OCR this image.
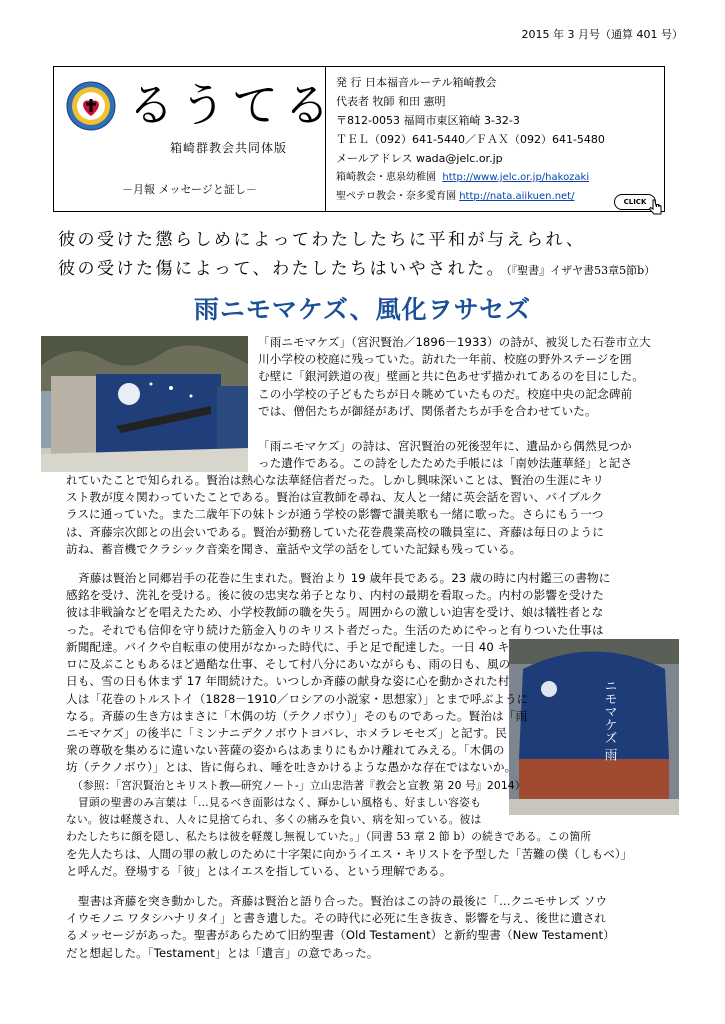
2015 年 3 月号（通算 401 号）
るうてる
箱崎群教会共同体版
－月報 メッセージと証し－
発 行 日本福音ルーテル箱崎教会
代表者 牧師 和田 憲明
〒812-0053 福岡市東区箱崎 3-32-3
ＴＥＬ（092）641-5440／ＦＡＸ（092）641-5480
メールアドレス wada@jelc.or.jp
箱崎教会・恵泉幼稚園 http://www.jelc.or.jp/hakozaki
聖ペテロ教会・奈多愛育園 http://nata.aiikuen.net/	CLICK
彼の受けた懲らしめによってわたしたちに平和が与えられ、
彼の受けた傷によって、わたしたちはいやされた。（『聖書』イザヤ書53章5節b）
雨ニモマケズ、風化ヲサセズ
ニモマケズ 雨
「雨ニモマケズ」（宮沢賢治／1896－1933）の詩が、被災した石巻市立大
川小学校の校庭に残っていた。訪れた一年前、校庭の野外ステージを囲
む壁に「銀河鉄道の夜」壁画と共に色あせず描かれてあるのを目にした。
この小学校の子どもたちが日々眺めていたものだ。校庭中央の記念碑前
では、僧侶たちが御経があげ、関係者たちが手を合わせていた。
「雨ニモマケズ」の詩は、宮沢賢治の死後翌年に、遺品から偶然見つか
った遺作である。この詩をしたためた手帳には「南妙法蓮華経」と記さ
れていたことで知られる。賢治は熱心な法華経信者だった。しかし興味深いことは、賢治の生涯にキリ
スト教が度々関わっていたことである。賢治は宣教師を尋ね、友人と一緒に英会話を習い、バイブルク
ラスに通っていた。また二歳年下の妹トシが通う学校の影響で讃美歌も一緒に歌った。さらにもう一つ
は、斉藤宗次郎との出会いである。賢治が勤務していた花巻農業高校の職員室に、斉藤は毎日のように
訪ね、蓄音機でクラシック音楽を聞き、童話や文学の話をしていた記録も残っている。
斉藤は賢治と同郷岩手の花巻に生まれた。賢治より 19 歳年長である。23 歳の時に内村鑑三の書物に
感銘を受け、洗礼を受ける。後に彼の忠実な弟子となり、内村の最期を看取った。内村の影響を受けた
彼は非戦論などを唱えたため、小学校教師の職を失う。周囲からの激しい迫害を受け、娘は犠牲者とな
った。それでも信仰を守り続けた筋金入りのキリスト者だった。生活のためにやっと有りついた仕事は
新聞配達。バイクや自転車の使用がなかった時代に、手と足で配達した。一日 40 キ
ロに及ぶこともあるほど過酷な仕事、そして村八分にあいながらも、雨の日も、風の
日も、雪の日も休まず 17 年間続けた。いつしか斉藤の献身な姿に心を動かされた村
人は「花巻のトルストイ（1828－1910／ロシアの小説家・思想家）」とまで呼ぶように
なる。斉藤の生き方はまさに「木偶の坊（テクノボウ）」そのものであった。賢治は「雨
ニモマケズ」の後半に「ミンナニデクノボウトヨバレ、ホメラレモセズ」と記す。民
衆の尊敬を集めるに違いない菩薩の姿からはあまりにもかけ離れてみえる。「木偶の
坊（テクノボウ）」とは、皆に侮られ、唾を吐きかけるような愚かな存在ではないか。
（参照：「宮沢賢治とキリスト教―研究ノート-」立山忠浩著『教会と宣教 第 20 号』2014）
冒頭の聖書のみ言葉は「…見るべき面影はなく、輝かしい風格も、好ましい容姿も
ない。彼は軽蔑され、人々に見捨てられ、多くの痛みを負い、病を知っている。彼は
わたしたちに顔を隠し、私たちは彼を軽蔑し無視していた。」（同書 53 章 2 節 b）の続きである。この箇所
を先人たちは、人間の罪の赦しのために十字架に向かうイエス・キリストを予型した「苦難の僕（しもべ）」
と呼んだ。登場する「彼」とはイエスを指している、という理解である。
聖書は斉藤を突き動かした。斉藤は賢治と語り合った。賢治はこの詩の最後に「…クニモサレズ ソウ
イウモノニ ワタシハナリタイ」と書き遺した。その時代に必死に生き抜き、影響を与え、後世に遺され
るメッセージがあった。聖書があらためて旧約聖書（Old Testament）と新約聖書（New Testament）
だと想起した。「Testament」とは「遺言」の意であった。
